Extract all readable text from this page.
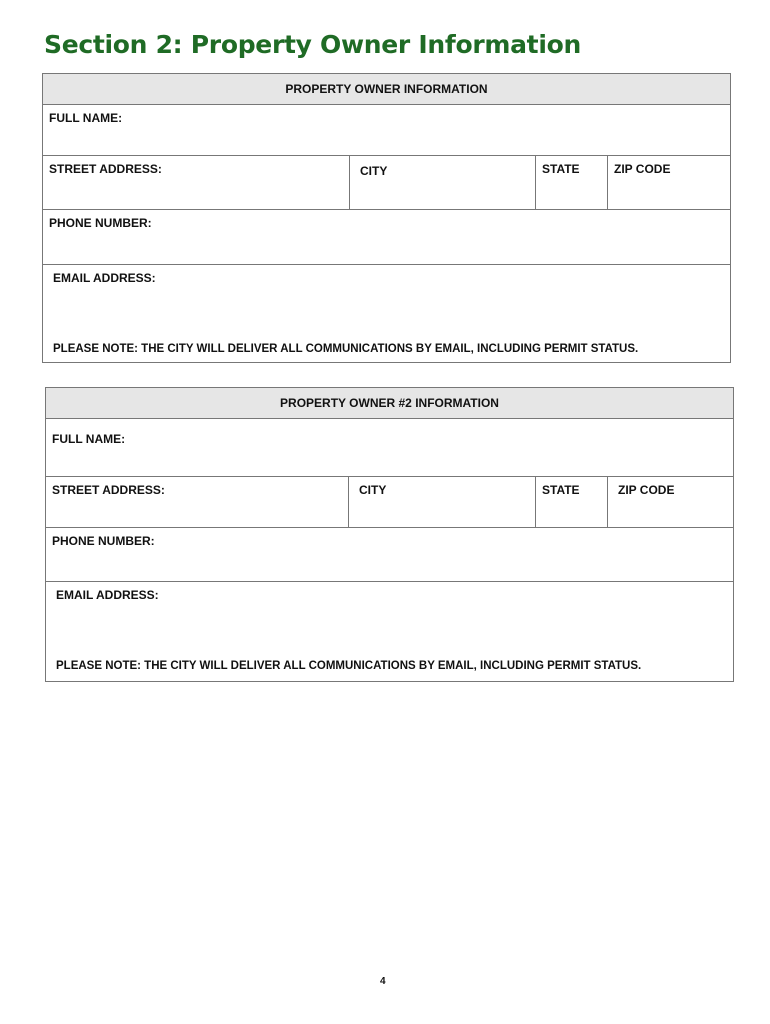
Section 2: Property Owner Information
PROPERTY OWNER INFORMATION
FULL NAME:
STREET ADDRESS:	CITY	STATE	ZIP CODE
PHONE NUMBER:
EMAIL ADDRESS:
PLEASE NOTE: THE CITY WILL DELIVER ALL COMMUNICATIONS BY EMAIL, INCLUDING PERMIT STATUS.
PROPERTY OWNER #2 INFORMATION
FULL NAME:
STREET ADDRESS:	CITY	STATE	ZIP CODE
PHONE NUMBER:
EMAIL ADDRESS:
PLEASE NOTE: THE CITY WILL DELIVER ALL COMMUNICATIONS BY EMAIL, INCLUDING PERMIT STATUS.
4
